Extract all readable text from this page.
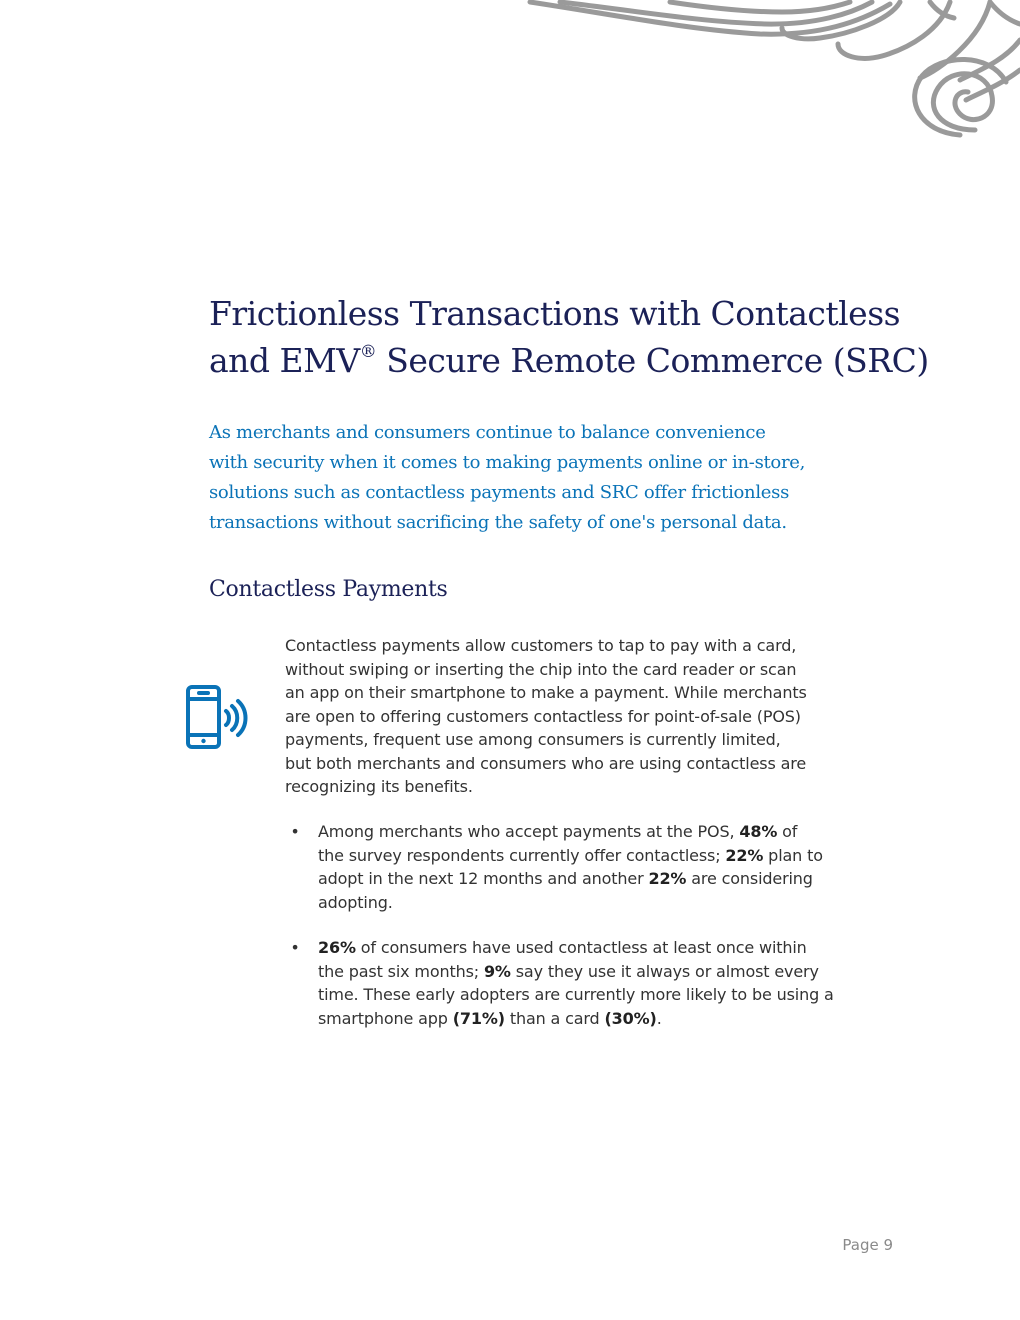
Frictionless Transactions with Contactless
and EMV® Secure Remote Commerce (SRC)

As merchants and consumers continue to balance convenience
with security when it comes to making payments online or in-store,
solutions such as contactless payments and SRC offer frictionless
transactions without sacrificing the safety of one's personal data.

Contactless Payments

Contactless payments allow customers to tap to pay with a card,
without swiping or inserting the chip into the card reader or scan
an app on their smartphone to make a payment. While merchants
are open to offering customers contactless for point-of-sale (POS)
payments, frequent use among consumers is currently limited,
but both merchants and consumers who are using contactless are
recognizing its benefits.

• Among merchants who accept payments at the POS, 48% of
the survey respondents currently offer contactless; 22% plan to
adopt in the next 12 months and another 22% are considering
adopting.
• 26% of consumers have used contactless at least once within
the past six months; 9% say they use it always or almost every
time. These early adopters are currently more likely to be using a
smartphone app (71%) than a card (30%).
Page 9
